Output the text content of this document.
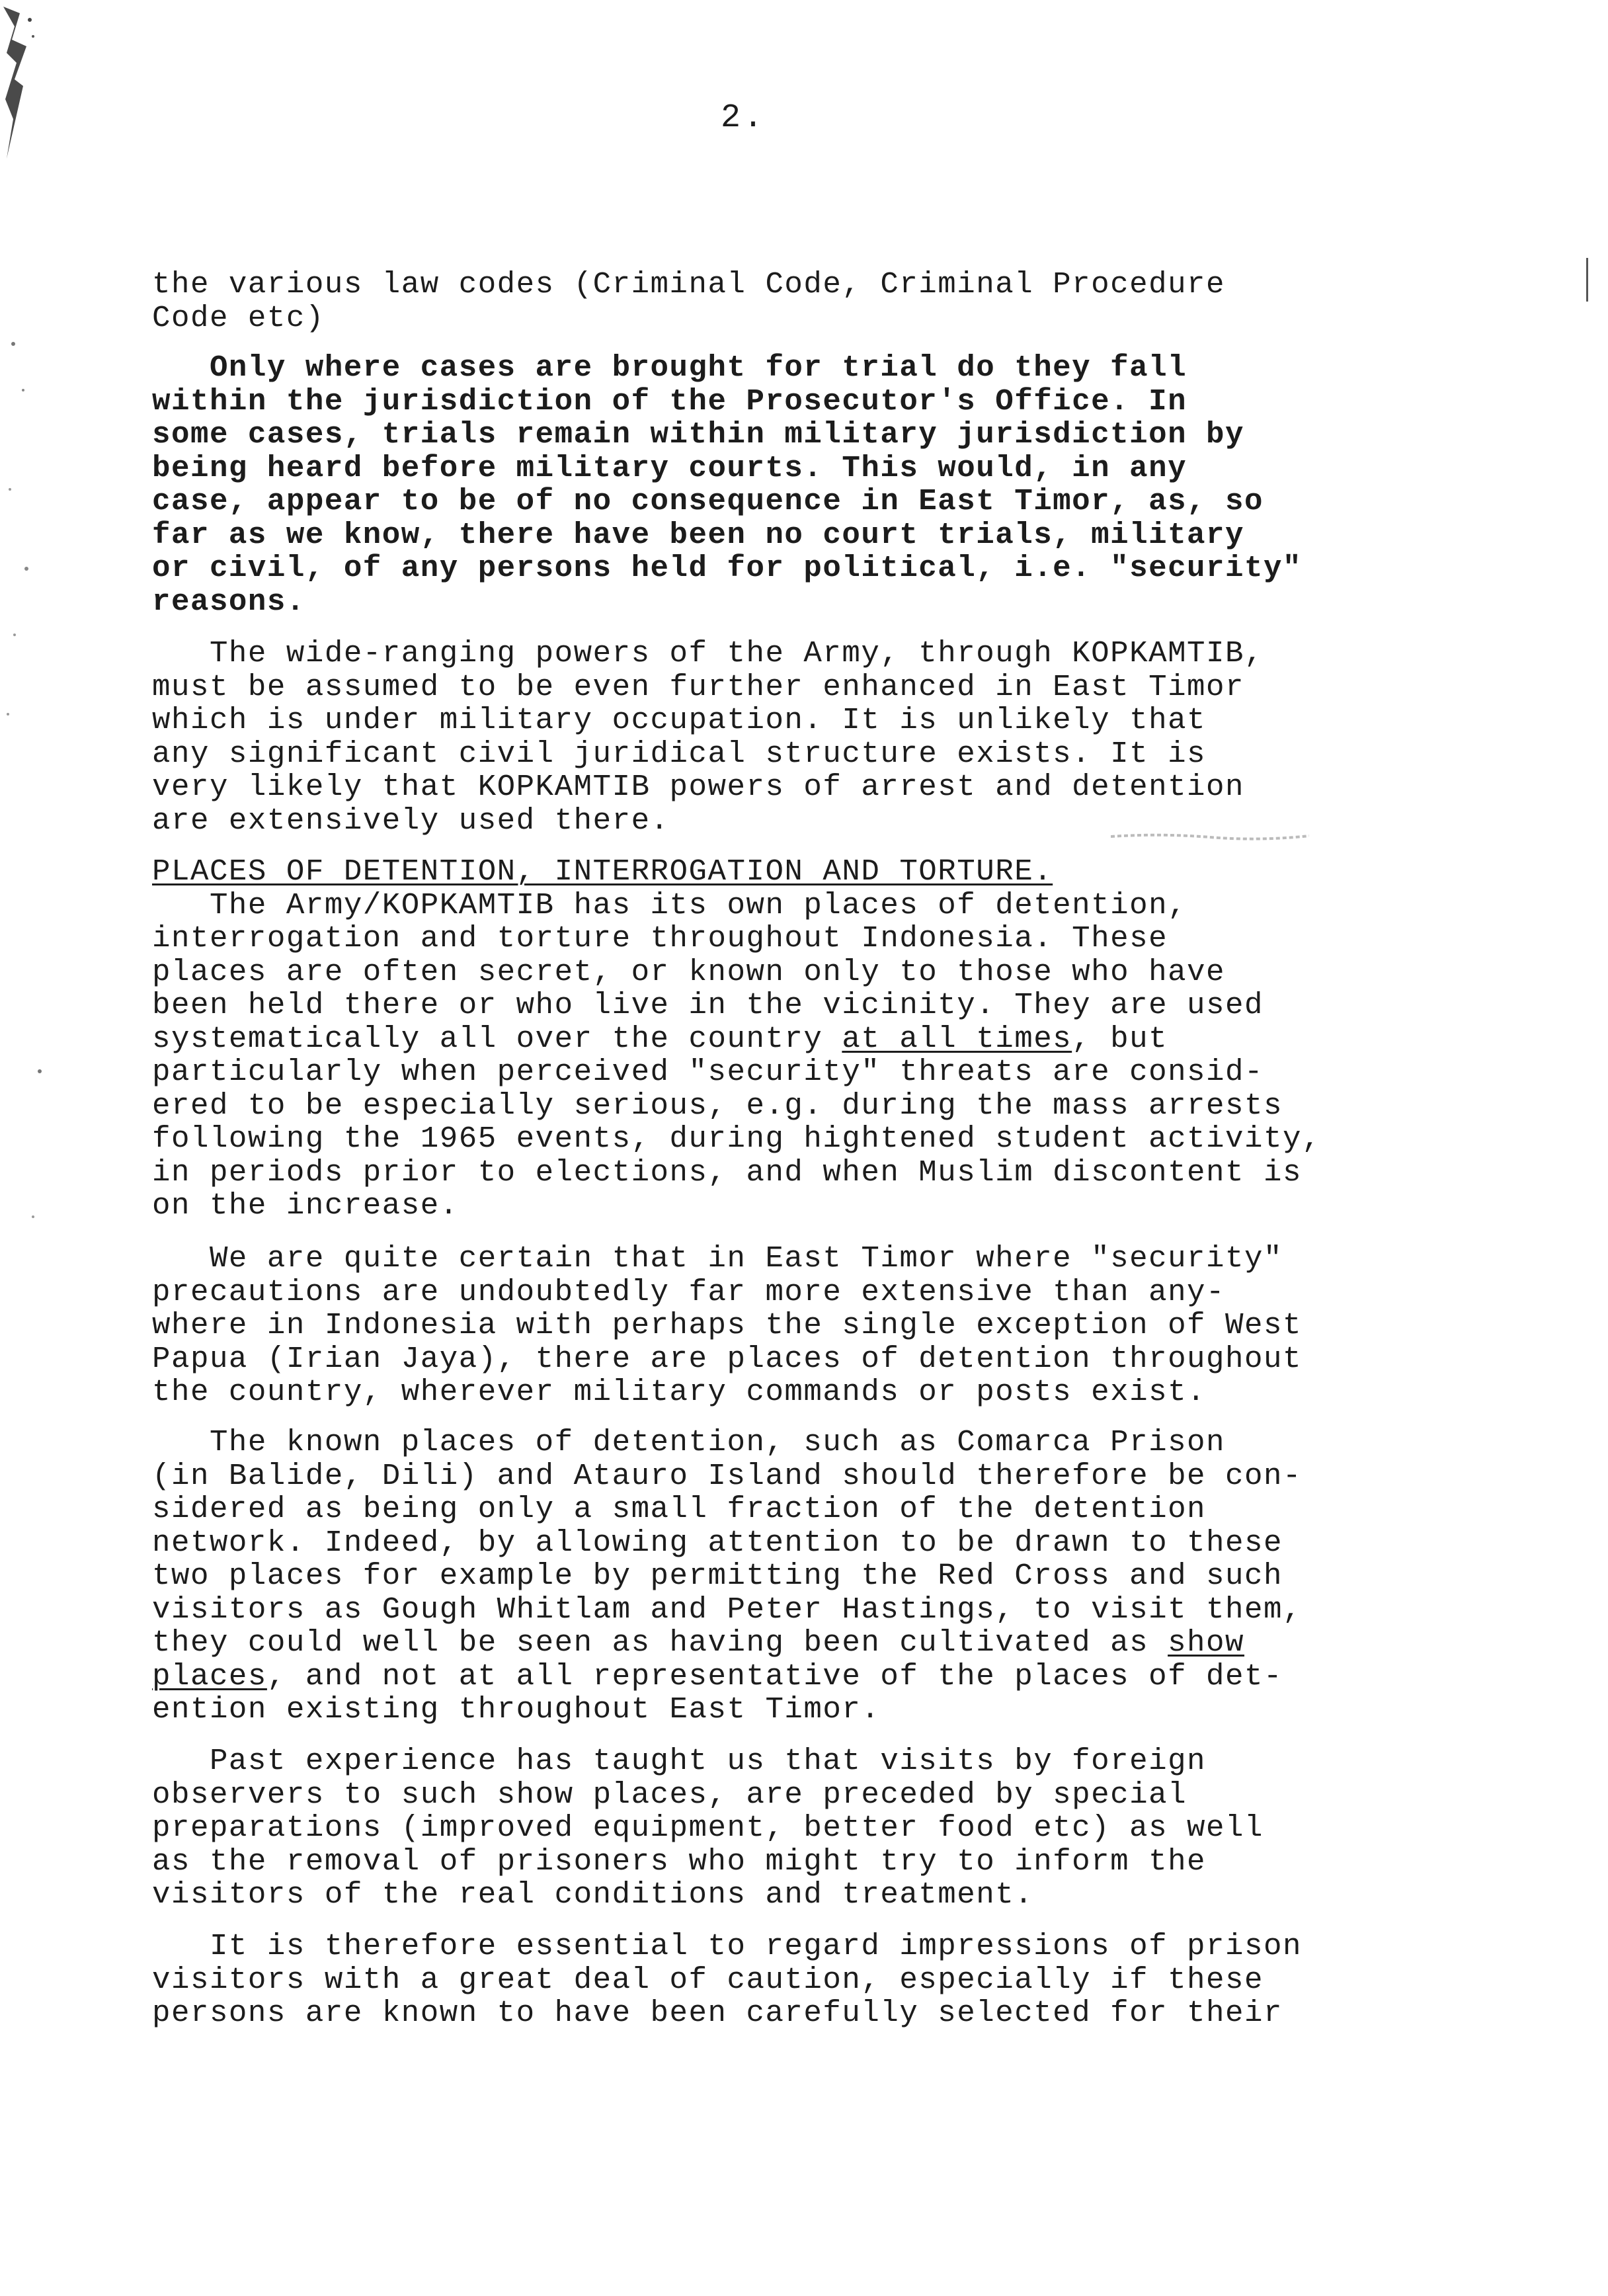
2.
the various law codes (Criminal Code, Criminal Procedure
Code etc)
Only where cases are brought for trial do they fall
within the jurisdiction of the Prosecutor's Office. In
some cases, trials remain within military jurisdiction by
being heard before military courts. This would, in any
case, appear to be of no consequence in East Timor, as, so
far as we know, there have been no court trials, military
or civil, of any persons held for political, i.e. "security"
reasons.
The wide-ranging powers of the Army, through KOPKAMTIB,
must be assumed to be even further enhanced in East Timor
which is under military occupation. It is unlikely that
any significant civil juridical structure exists. It is
very likely that KOPKAMTIB powers of arrest and detention
are extensively used there.
PLACES OF DETENTION, INTERROGATION AND TORTURE.
The Army/KOPKAMTIB has its own places of detention,
interrogation and torture throughout Indonesia. These
places are often secret, or known only to those who have
been held there or who live in the vicinity. They are used
systematically all over the country at all times, but
particularly when perceived "security" threats are consid-
ered to be especially serious, e.g. during the mass arrests
following the 1965 events, during hightened student activity,
in periods prior to elections, and when Muslim discontent is
on the increase.
We are quite certain that in East Timor where "security"
precautions are undoubtedly far more extensive than any-
where in Indonesia with perhaps the single exception of West
Papua (Irian Jaya), there are places of detention throughout
the country, wherever military commands or posts exist.
The known places of detention, such as Comarca Prison
(in Balide, Dili) and Atauro Island should therefore be con-
sidered as being only a small fraction of the detention
network. Indeed, by allowing attention to be drawn to these
two places for example by permitting the Red Cross and such
visitors as Gough Whitlam and Peter Hastings, to visit them,
they could well be seen as having been cultivated as show
places, and not at all representative of the places of det-
ention existing throughout East Timor.
Past experience has taught us that visits by foreign
observers to such show places, are preceded by special
preparations (improved equipment, better food etc) as well
as the removal of prisoners who might try to inform the
visitors of the real conditions and treatment.
It is therefore essential to regard impressions of prison
visitors with a great deal of caution, especially if these
persons are known to have been carefully selected for their
